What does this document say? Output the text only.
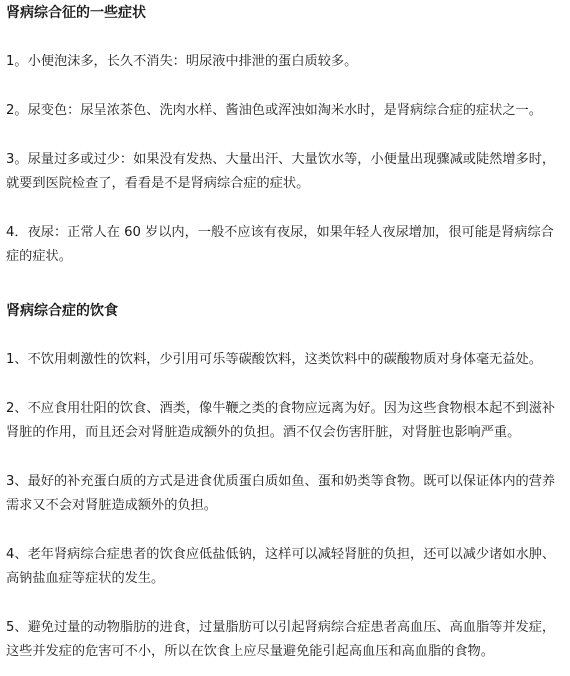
肾病综合征的一些症状

1。小便泡沫多，长久不消失：明尿液中排泄的蛋白质较多。

2。尿变色：尿呈浓茶色、洗肉水样、酱油色或浑浊如淘米水时，是肾病综合症的症状之一。

3。尿量过多或过少：如果没有发热、大量出汗、大量饮水等，小便量出现骤减或陡然增多时，就要到医院检查了，看看是不是肾病综合症的症状。

4．夜尿：正常人在 60 岁以内，一般不应该有夜尿，如果年轻人夜尿增加，很可能是肾病综合症的症状。

肾病综合症的饮食

1、不饮用刺激性的饮料，少引用可乐等碳酸饮料，这类饮料中的碳酸物质对身体毫无益处。

2、不应食用壮阳的饮食、酒类，像牛鞭之类的食物应远离为好。因为这些食物根本起不到滋补肾脏的作用，而且还会对肾脏造成额外的负担。酒不仅会伤害肝脏，对肾脏也影响严重。

3、最好的补充蛋白质的方式是进食优质蛋白质如鱼、蛋和奶类等食物。既可以保证体内的营养需求又不会对肾脏造成额外的负担。

4、老年肾病综合症患者的饮食应低盐低钠，这样可以减轻肾脏的负担，还可以减少诸如水肿、高钠盐血症等症状的发生。

5、避免过量的动物脂肪的进食，过量脂肪可以引起肾病综合症患者高血压、高血脂等并发症，这些并发症的危害可不小，所以在饮食上应尽量避免能引起高血压和高血脂的食物。
